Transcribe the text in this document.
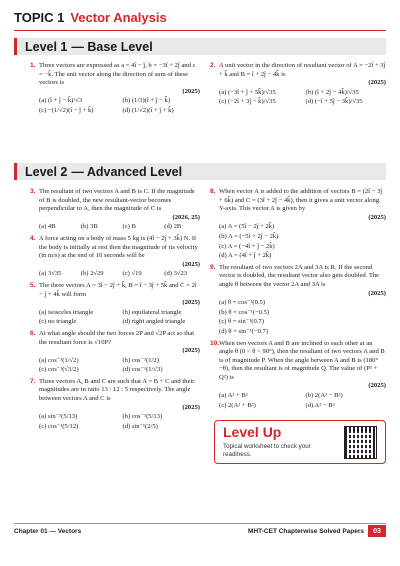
TOPIC 1 Vector Analysis
Level 1 — Base Level
1. Three vectors are expressed as a = 4î − ĵ, b = −3î + 2ĵ and c = −k̂. The unit vector along the direction of sum of these vectors is
(2025)
(a) (î + ĵ − k̂)/√3	(b) (1/3)(î + ĵ − k̂)
(c) −(1/√2)(î − ĵ + k̂)	(d) (1/√2)(î + ĵ + k̂)
2. A unit vector in the direction of resultant vector of A = −2î + 3ĵ + k̂ and B = î + 2ĵ − 4k̂ is
(2025)
(a) (−3î + ĵ + 5k̂)/√35	(b) (î + 2ĵ − 4k̂)/√35
(c) (−2î + 3ĵ − k̂)/√35	(d) (−î + 5ĵ − 3k̂)/√35
Level 2 — Advanced Level
3. The resultant of two vectors A and B is C. If the magnitude of B is doubled, the new resultant-vector becomes perpendicular to A, then the magnitude of C is
(2026, 25)
(a) 4B	(b) 3B	(c) B	(d) 2B
4. A force acting on a body of mass 5 kg is (4î − 2ĵ + 3k̂) N. If the body is initially at rest then the magnitude of its velocity (in m/s) at the end of 10 seconds will be
(2025)
(a) 3√35	(b) 2√29	(c) √19	(d) 3√23
5. The three vectors A = 3î − 2ĵ + k̂, B = î − 3ĵ + 5k̂ and C = 2î − ĵ + 4k̂ will form
(2025)
(a) isosceles triangle	(b) equilateral triangle
(c) no triangle	(d) right angled triangle
6. At what angle should the two forces 2P and √2P act so that the resultant force is √10P?
(2025)
(a) cos⁻¹(1/√2)	(b) cos⁻¹(1/2)
(c) cos⁻¹(√3/2)	(d) cos⁻¹(1/√3)
7. Three vectors A, B and C are such that A = B + C and their magnitudes are in ratio 13 : 12 : 5 respectively. The angle between vectors A and C is
(2025)
(a) sin⁻¹(5/13)	(b) cos⁻¹(5/13)
(c) cos⁻¹(5/12)	(d) sin⁻¹(2/5)
8. When vector A is added to the addition of vectors B = (2î − 3ĵ + 6k̂) and C = (3î + 2ĵ − 4k̂), then it gives a unit vector along Y-axis. This vector A is given by
(2025)
(a) A = (5î − 2ĵ + 2k̂)
(b) A = (−5î + 2ĵ − 2k̂)
(c) A = (−4î + ĵ − 2k̂)
(d) A = (4î + ĵ + 2k̂)
9. The resultant of two vectors 2A and 3A is R. If the second vector is doubled, the resultant vector also gets doubled. The angle θ between the vector 2A and 3A is
(2025)
(a) θ = cos⁻¹(0.5)
(b) θ = cos⁻¹(−0.5)
(c) θ = sin⁻¹(0.7)
(d) θ = sin⁻¹(−0.7)
10. When two vectors A and B are inclined to each other at an angle θ (0 < θ < 90°), then the resultant of two vectors A and B is of magnitude P. When the angle between A and B is (180°−θ), then the resultant is of magnitude Q. The value of (P² + Q²) is
(2025)
(a) A² + B²	(b) 2(A² − B²)
(c) 2(A² + B²)	(d) A² − B²
Level Up
Topical worksheet to check your readiness.
Chapter 01 — Vectors	MHT-CET Chapterwise Solved Papers	03
